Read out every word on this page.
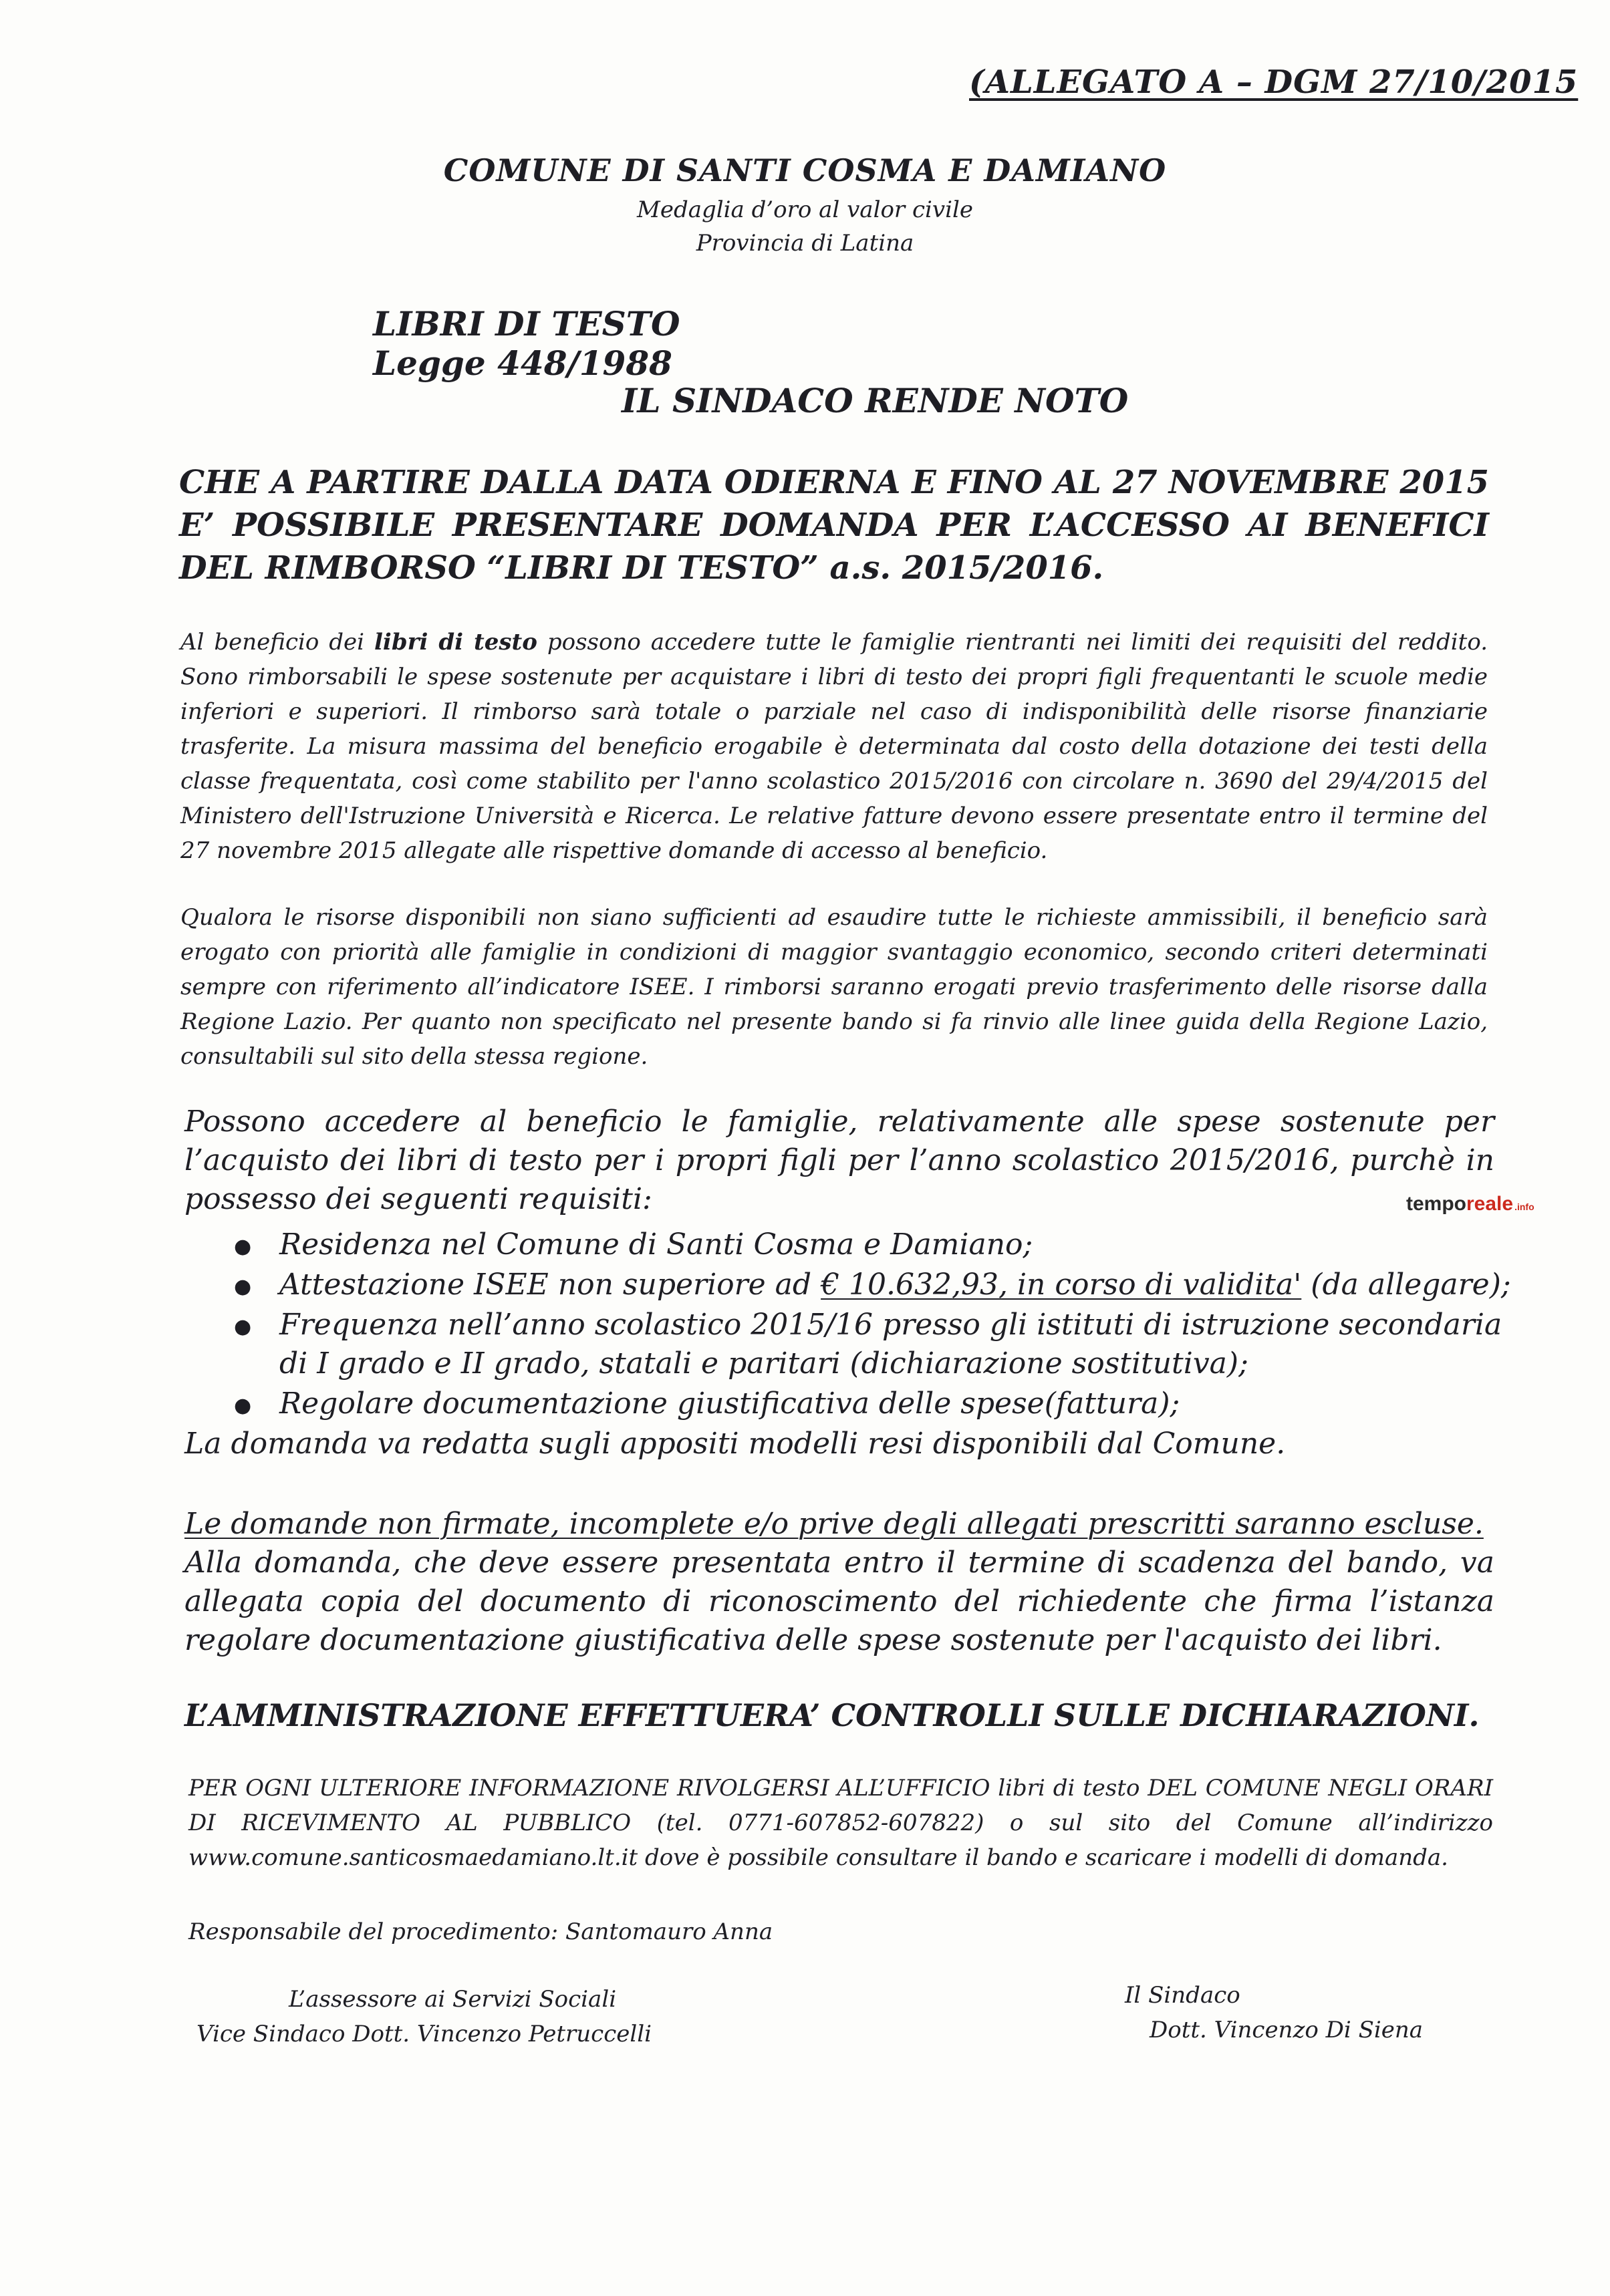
(ALLEGATO A – DGM 27/10/2015
COMUNE DI SANTI COSMA E DAMIANO
Medaglia d’oro al valor civile
Provincia di Latina
LIBRI DI TESTO
Legge 448/1988
IL SINDACO RENDE NOTO
CHE A PARTIRE DALLA DATA ODIERNA E FINO AL 27 NOVEMBRE 2015 E’ POSSIBILE PRESENTARE DOMANDA PER L’ACCESSO AI BENEFICI DEL RIMBORSO “LIBRI DI TESTO” a.s. 2015/2016.
Al beneficio dei libri di testo possono accedere tutte le famiglie rientranti nei limiti dei requisiti del reddito. Sono rimborsabili le spese sostenute per acquistare i libri di testo dei propri figli frequentanti le scuole medie inferiori e superiori. Il rimborso sarà totale o parziale nel caso di indisponibilità delle risorse finanziarie trasferite. La misura massima del beneficio erogabile è determinata dal costo della dotazione dei testi della classe frequentata, così come stabilito per l'anno scolastico 2015/2016 con circolare n. 3690 del 29/4/2015 del Ministero dell'Istruzione Università e Ricerca. Le relative fatture devono essere presentate entro il termine del 27 novembre 2015 allegate alle rispettive domande di accesso al beneficio.
Qualora le risorse disponibili non siano sufficienti ad esaudire tutte le richieste ammissibili, il beneficio sarà erogato con priorità alle famiglie in condizioni di maggior svantaggio economico, secondo criteri determinati sempre con riferimento all’indicatore ISEE. I rimborsi saranno erogati previo trasferimento delle risorse dalla Regione Lazio. Per quanto non specificato nel presente bando si fa rinvio alle linee guida della Regione Lazio, consultabili sul sito della stessa regione.
Possono accedere al beneficio le famiglie, relativamente alle spese sostenute per l’acquisto dei libri di testo per i propri figli per l’anno scolastico 2015/2016, purchè in possesso dei seguenti requisiti:
● Residenza nel Comune di Santi Cosma e Damiano;
● Attestazione ISEE non superiore ad € 10.632,93, in corso di validita' (da allegare);
● Frequenza nell’anno scolastico 2015/16 presso gli istituti di istruzione secondaria
di I grado e II grado, statali e paritari (dichiarazione sostitutiva);
● Regolare documentazione giustificativa delle spese(fattura);
La domanda va redatta sugli appositi modelli resi disponibili dal Comune.
Le domande non firmate, incomplete e/o prive degli allegati prescritti saranno escluse.
Alla domanda, che deve essere presentata entro il termine di scadenza del bando, va allegata copia del documento di riconoscimento del richiedente che firma l’istanza regolare documentazione giustificativa delle spese sostenute per l'acquisto dei libri.
L’AMMINISTRAZIONE EFFETTUERA’ CONTROLLI SULLE DICHIARAZIONI.
PER OGNI ULTERIORE INFORMAZIONE RIVOLGERSI ALL’UFFICIO libri di testo DEL COMUNE NEGLI ORARI DI RICEVIMENTO AL PUBBLICO (tel. 0771-607852-607822) o sul sito del Comune all’indirizzo www.comune.santicosmaedamiano.lt.it dove è possibile consultare il bando e scaricare i modelli di domanda.
Responsabile del procedimento: Santomauro Anna
L’assessore ai Servizi Sociali
Vice Sindaco Dott. Vincenzo Petruccelli
Il Sindaco
Dott. Vincenzo Di Siena
temporeale .info
